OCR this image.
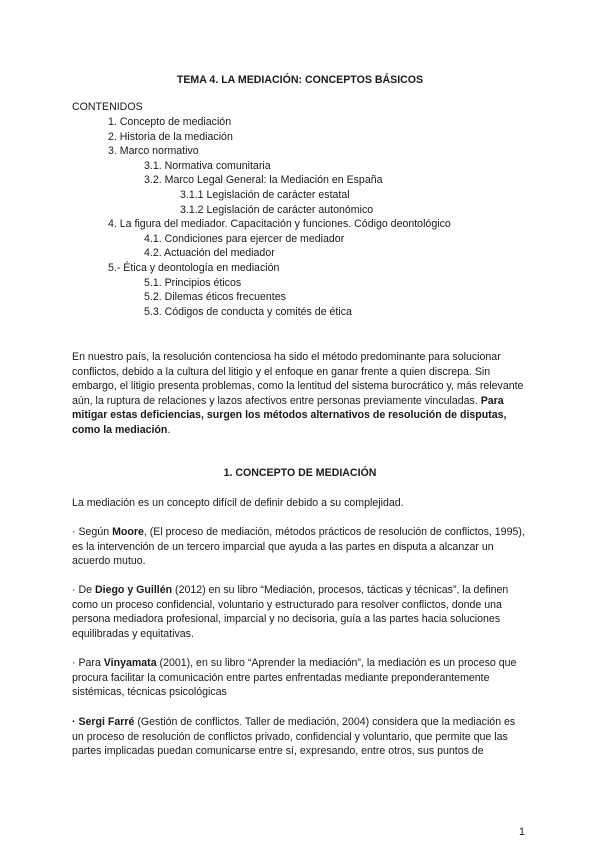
TEMA 4. LA MEDIACIÓN: CONCEPTOS BÁSICOS
CONTENIDOS
1. Concepto de mediación
2. Historia de la mediación
3. Marco normativo
3.1. Normativa comunitaria
3.2. Marco Legal General: la Mediación en España
3.1.1 Legislación de carácter estatal
3.1.2 Legislación de carácter autonómico
4. La figura del mediador. Capacitación y funciones. Código deontológico
4.1. Condiciones para ejercer de mediador
4.2. Actuación del mediador
5.- Ética y deontología en mediación
5.1. Principios éticos
5.2. Dilemas éticos frecuentes
5.3. Códigos de conducta y comités de ética

En nuestro país, la resolución contenciosa ha sido el método predominante para solucionar conflictos, debido a la cultura del litigio y el enfoque en ganar frente a quien discrepa. Sin embargo, el litigio presenta problemas, como la lentitud del sistema burocrático y, más relevante aún, la ruptura de relaciones y lazos afectivos entre personas previamente vinculadas. Para mitigar estas deficiencias, surgen los métodos alternativos de resolución de disputas, como la mediación.

1. CONCEPTO DE MEDIACIÓN

La mediación es un concepto difícil de definir debido a su complejidad.

· Según Moore, (El proceso de mediación, métodos prácticos de resolución de conflictos, 1995), es la intervención de un tercero imparcial que ayuda a las partes en disputa a alcanzar un acuerdo mutuo.

· De Diego y Guillén (2012) en su libro “Mediación, procesos, tácticas y técnicas”, la definen como un proceso confidencial, voluntario y estructurado para resolver conflictos, donde una persona mediadora profesional, imparcial y no decisoria, guía a las partes hacia soluciones equilibradas y equitativas.

· Para Vinyamata (2001), en su libro “Aprender la mediación”, la mediación es un proceso que procura facilitar la comunicación entre partes enfrentadas mediante preponderantemente sistémicas, técnicas psicológicas

· Sergi Farré (Gestión de conflictos. Taller de mediación, 2004) considera que la mediación es un proceso de resolución de conflictos privado, confidencial y voluntario, que permite que las partes implicadas puedan comunicarse entre sí, expresando, entre otros, sus puntos de

1
